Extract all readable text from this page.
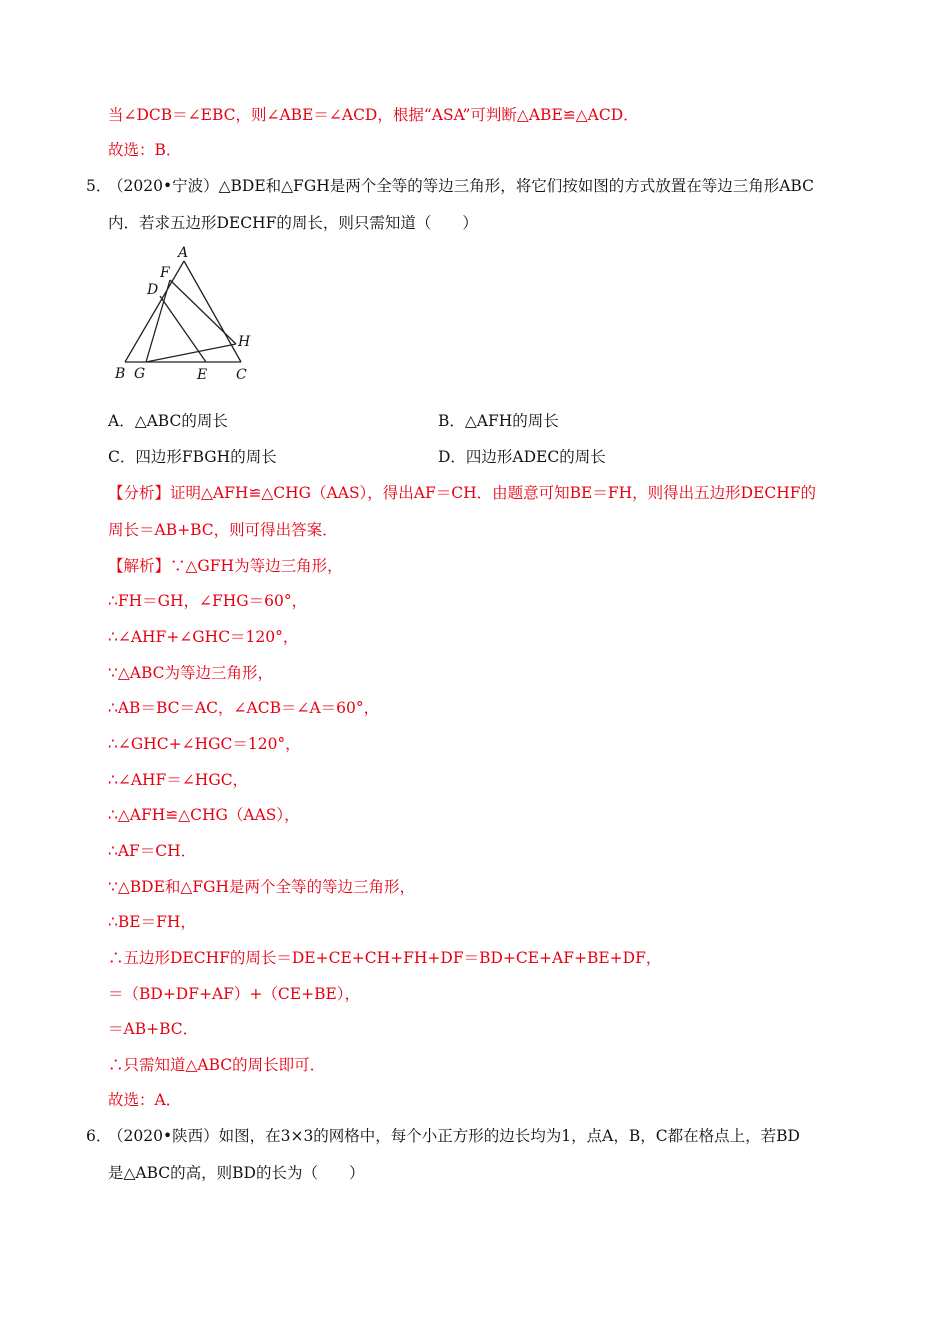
当∠DCB＝∠EBC，则∠ABE＝∠ACD，根据“ASA”可判断△ABE≌△ACD．
故选：B．
5．
（2020•宁波）△BDE和△FGH是两个全等的等边三角形，将它们按如图的方式放置在等边三角形ABC
内．若求五边形DECHF的周长，则只需知道（　　）
A
F
D
H
B G	E C
A．△ABC的周长	B．△AFH的周长
C．四边形FBGH的周长	D．四边形ADEC的周长
【分析】证明△AFH≌△CHG（AAS），得出AF＝CH．由题意可知BE＝FH，则得出五边形DECHF的
周长＝AB+BC，则可得出答案．
【解析】∵△GFH为等边三角形，
∴FH＝GH，∠FHG＝60°，
∴∠AHF+∠GHC＝120°，
∵△ABC为等边三角形，
∴AB＝BC＝AC，∠ACB＝∠A＝60°，
∴∠GHC+∠HGC＝120°，
∴∠AHF＝∠HGC，
∴△AFH≌△CHG（AAS），
∴AF＝CH．
∵△BDE和△FGH是两个全等的等边三角形，
∴BE＝FH，
∴五边形DECHF的周长＝DE+CE+CH+FH+DF＝BD+CE+AF+BE+DF，
＝（BD+DF+AF）+（CE+BE），
＝AB+BC．
∴只需知道△ABC的周长即可．
故选：A．
6．
（2020•陕西）如图，在3×3的网格中，每个小正方形的边长均为1，点A，B，C都在格点上，若BD
是△ABC的高，则BD的长为（　　）
